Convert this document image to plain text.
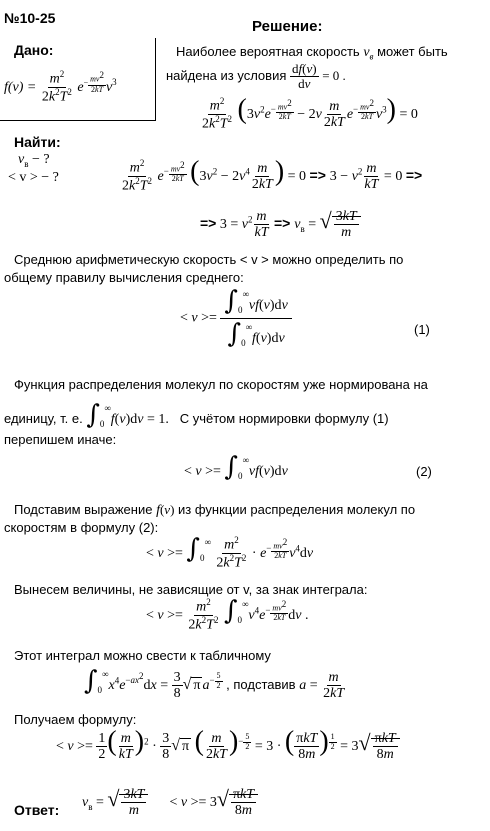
№10-25	Решение:
Дано:
$f(v) = \frac{m^2}{2k^2T^2} e^{- \frac{mv^2}{2kT}}$ $v^3$
Найти:
$v_в$ − ?
< v > − ?
Наиболее вероятная скорость $v_в$ может быть
найдена из условия $\frac{df(v)}{dv} = 0$ .
$\frac{m^2}{2k^2T^2} (3v^2e^{- \frac{mv^2}{2kT}} - 2v \frac{m}{2kT} e^{- \frac{mv^2}{2kT}}$ $v^3) = 0$
$\frac{m^2}{2k^2T^2} e^{- \frac{mv^2}{2kT}}$ ($3v^2 - 2v^4 \frac{m}{2kT}$ ) = $0 => 3 - v^2 \frac{m}{kT} = 0$ =>
=> $3 = v^2 \frac{m}{kT} => v_в$ = √ $\frac{3kT}{m}$
Среднюю арифметическую скорость < v > можно определить по
общему правилу вычисления среднего:
< $v >= \frac{\int_0^\infty vf(v)dv}{\int_0^\infty f(v)dv}$	(1)
Функция распределения молекул по скоростям уже нормирована на
единицу, т. е. $\int_0^\infty f(v)dv = 1$. С учётом нормировки формулу (1)
перепишем иначе:
< $v >= \int_0^\infty vf(v)dv$	(2)
Подставим выражение f(v) из функции распределения молекул по
скоростям в формулу (2):
< $v >= \int_0^\infty \frac{m^2}{2k^2T^2} \cdot e^{- \frac{mv^2}{2kT}}$ $v^4dv$
Вынесем величины, не зависящие от v, за знак интеграла:
< $v >= \frac{m^2}{2k^2T^2} \int_0^\infty v^4e^{- \frac{mv^2}{2kT}}$ dv .
Этот интеграл можно свести к табличному
$\int_0^\infty x^4e^{-ax^2}dx = \frac{3}{8}$ √ π $a^{- \frac{5}{2}}$ , подставив $a = \frac{m}{2kT}$
Получаем формулу:
< $v >= \frac{1}{2}$ ( $\frac{m}{kT} )^2 \cdot \frac{3}{8}$ √ π ( $\frac{m}{2kT} )^{- \frac{5}{2}} = 3$ · ( $\frac{\text{πkT}}{8m}$ ) $^{\frac{1}{2}} = 3√ \frac{\text{πkT}}{8m}$
Ответ: $v_в$ = √ $\frac{3kT}{m} < v >= 3√ \frac{\text{πkT}}{8m}$
